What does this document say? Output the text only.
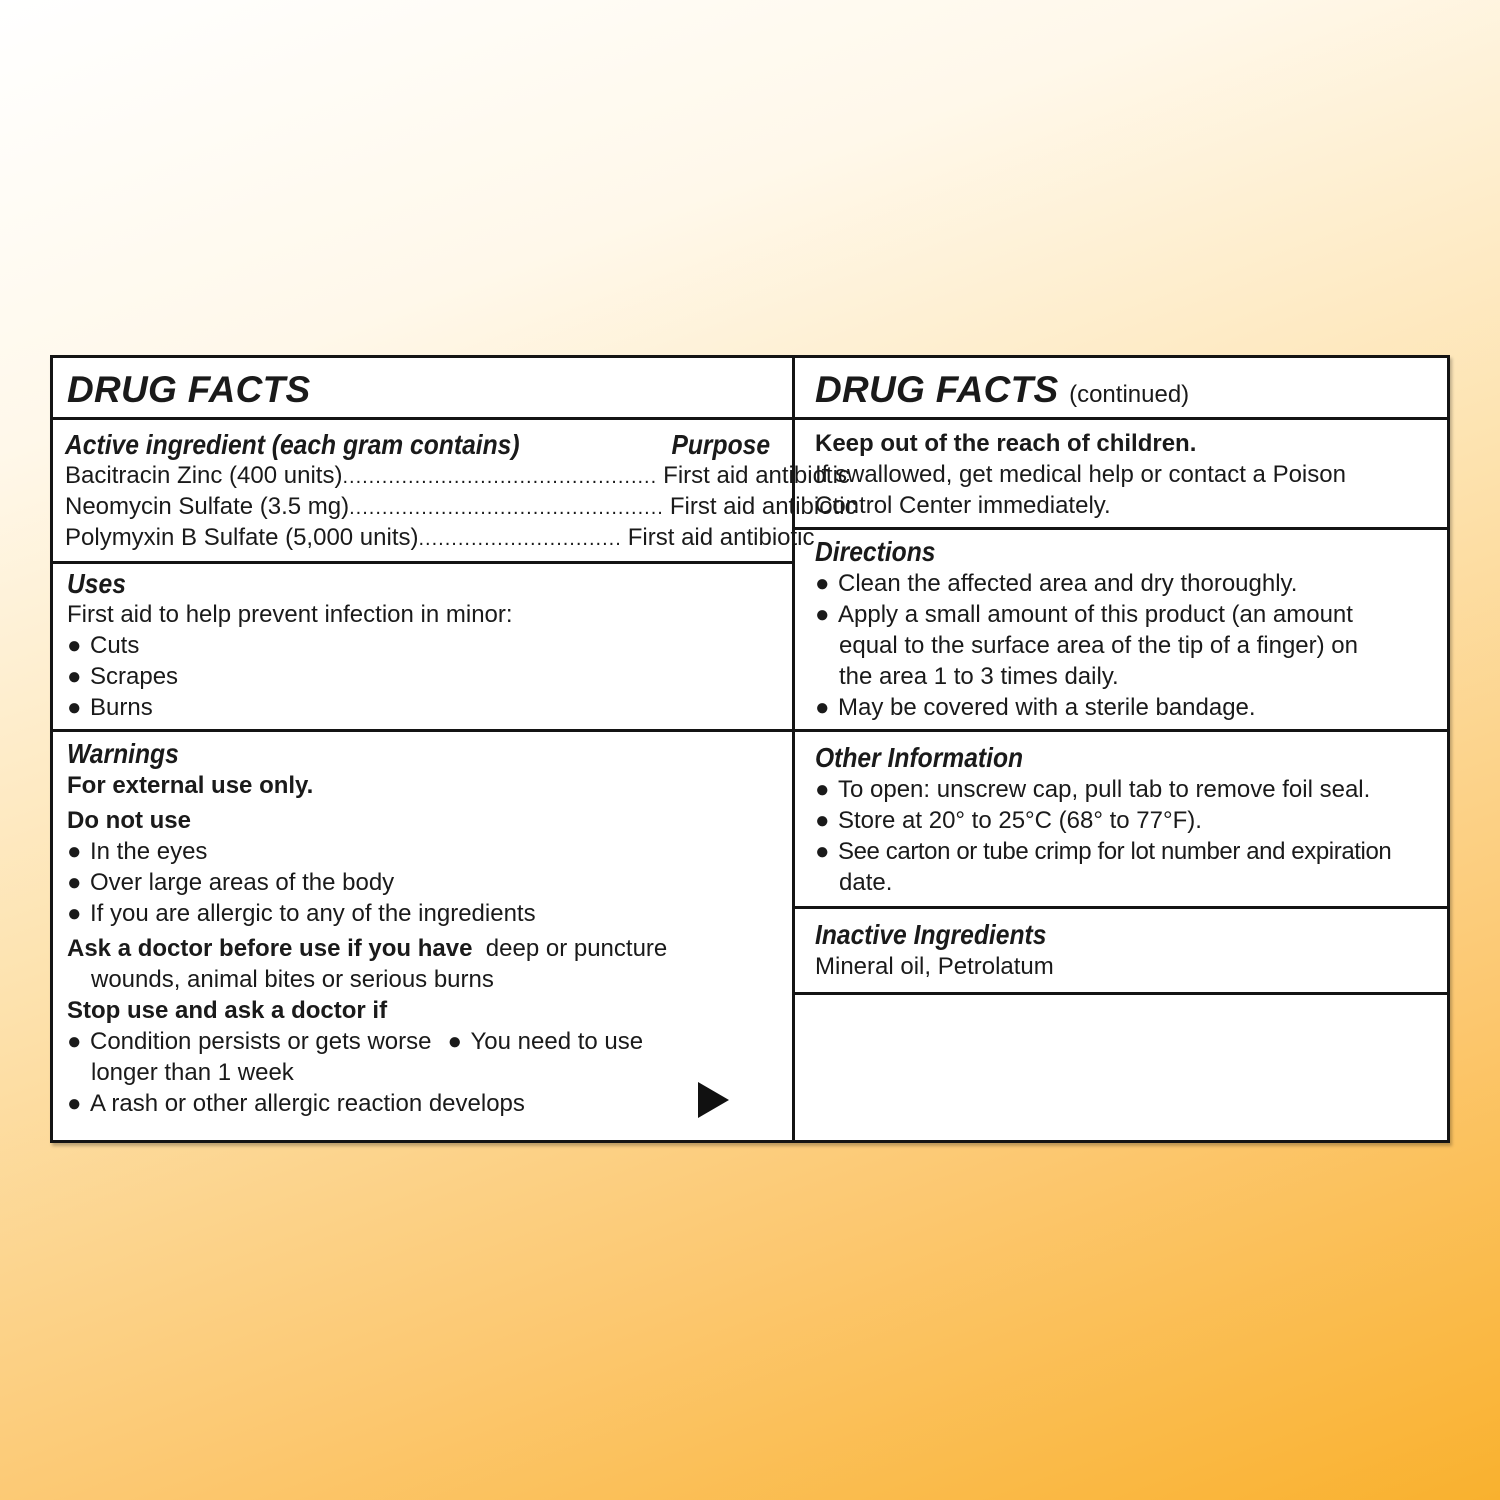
DRUG FACTS
Active ingredient (each gram contains)	Purpose
Bacitracin Zinc (400 units) ................................................ First aid antibiotic
Neomycin Sulfate (3.5 mg) ................................................ First aid antibiotic
Polymyxin B Sulfate (5,000 units) ............................... First aid antibiotic
Uses
First aid to help prevent infection in minor:
● Cuts
● Scrapes
● Burns
Warnings
For external use only.
Do not use
● In the eyes
● Over large areas of the body
● If you are allergic to any of the ingredients
Ask a doctor before use if you have deep or puncture
wounds, animal bites or serious burns
Stop use and ask a doctor if
● Condition persists or gets worse ● You need to use
longer than 1 week
● A rash or other allergic reaction develops
DRUG FACTS (continued)
Keep out of the reach of children.
If swallowed, get medical help or contact a Poison
Control Center immediately.
Directions
● Clean the affected area and dry thoroughly.
● Apply a small amount of this product (an amount
equal to the surface area of the tip of a finger) on
the area 1 to 3 times daily.
● May be covered with a sterile bandage.
Other Information
● To open: unscrew cap, pull tab to remove foil seal.
● Store at 20° to 25°C (68° to 77°F).
● See carton or tube crimp for lot number and expiration
date.
Inactive Ingredients
Mineral oil, Petrolatum
